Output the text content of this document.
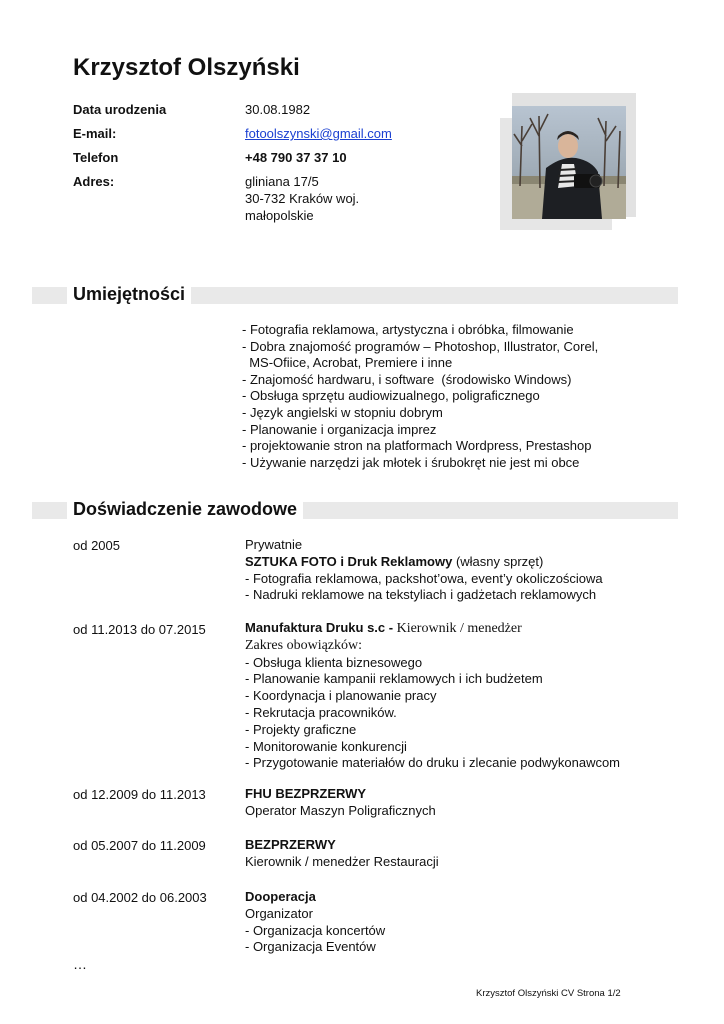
Krzysztof Olszyński
Data urodzenia	30.08.1982
E-mail:	fotoolszynski@gmail.com
Telefon	+48 790 37 37 10
Adres:	gliniana 17/5
30-732 Kraków woj.
małopolskie
Umiejętności
- Fotografia reklamowa, artystyczna i obróbka, filmowanie
- Dobra znajomość programów – Photoshop, Illustrator, Corel,
MS-Ofiice, Acrobat, Premiere i inne
- Znajomość hardwaru, i software  (środowisko Windows)
- Obsługa sprzętu audiowizualnego, poligraficznego
- Język angielski w stopniu dobrym
- Planowanie i organizacja imprez
- projektowanie stron na platformach Wordpress, Prestashop
- Używanie narzędzi jak młotek i śrubokręt nie jest mi obce
Doświadczenie zawodowe
od 2005	Prywatnie
SZTUKA FOTO i Druk Reklamowy (własny sprzęt)
- Fotografia reklamowa, packshot’owa, event’y okoliczościowa
- Nadruki reklamowe na tekstyliach i gadżetach reklamowych
od 11.2013 do 07.2015	Manufaktura Druku s.c - Kierownik / menedżer
Zakres obowiązków:
- Obsługa klienta biznesowego
- Planowanie kampanii reklamowych i ich budżetem
- Koordynacja i planowanie pracy
- Rekrutacja pracowników.
- Projekty graficzne
- Monitorowanie konkurencji
- Przygotowanie materiałów do druku i zlecanie podwykonawcom
od 12.2009 do 11.2013	FHU BEZPRZERWY
Operator Maszyn Poligraficznych
od 05.2007 do 11.2009	BEZPRZERWY
Kierownik / menedżer Restauracji
od 04.2002 do 06.2003	Dooperacja
Organizator
- Organizacja koncertów
- Organizacja Eventów
…
Krzysztof Olszyński CV Strona 1/2
